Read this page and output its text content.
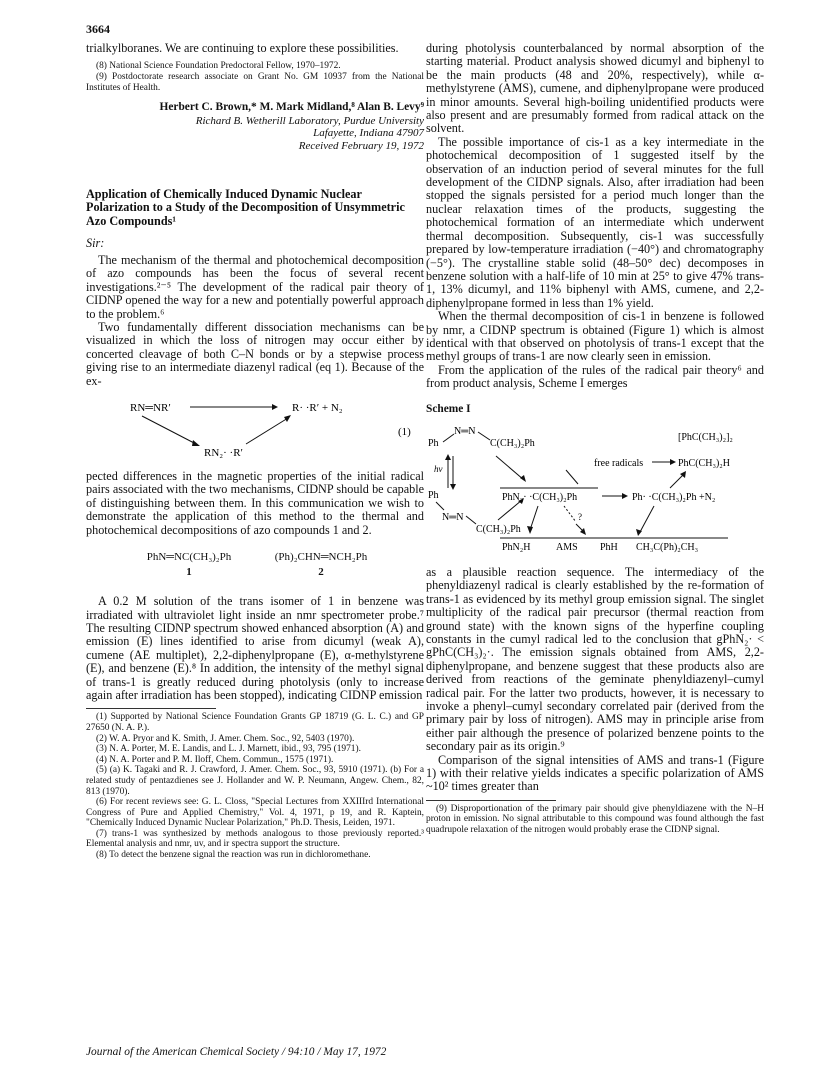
3664

trialkylboranes. We are continuing to explore these possibilities.

(8) National Science Foundation Predoctoral Fellow, 1970–1972.

(9) Postdoctorate research associate on Grant No. GM 10937 from the National Institutes of Health.

Herbert C. Brown,* M. Mark Midland,⁸ Alan B. Levy⁹
Richard B. Wetherill Laboratory, Purdue University
Lafayette, Indiana 47907
Received February 19, 1972
Application of Chemically Induced Dynamic Nuclear Polarization to a Study of the Decomposition of Unsymmetric Azo Compounds¹
Sir:

The mechanism of the thermal and photochemical decomposition of azo compounds has been the focus of several recent investigations.²⁻⁵ The development of the radical pair theory of CIDNP opened the way for a new and potentially powerful approach to the problem.⁶

Two fundamentally different dissociation mechanisms can be visualized in which the loss of nitrogen may occur either by concerted cleavage of both C–N bonds or by a stepwise process giving rise to an intermediate diazenyl radical (eq 1). Because of the ex-

RN═NR′	R· ·R′ + N₂
RN₂· ·R′
(1)

pected differences in the magnetic properties of the initial radical pairs associated with the two mechanisms, CIDNP should be capable of distinguishing between them. In this communication we wish to demonstrate the application of this method to the thermal and photochemical decompositions of azo compounds 1 and 2.

PhN═NC(CH₃)₂Ph
1
(Ph)₂CHN═NCH₂Ph
2

A 0.2 M solution of the trans isomer of 1 in benzene was irradiated with ultraviolet light inside an nmr spectrometer probe.⁷ The resulting CIDNP spectrum showed enhanced absorption (A) and emission (E) lines identified to arise from dicumyl (weak A), cumene (AE multiplet), 2,2-diphenylpropane (E), α-methylstyrene (E), and benzene (E).⁸ In addition, the intensity of the methyl signal of trans-1 is greatly reduced during photolysis (only to increase again after irradiation has been stopped), indicating CIDNP emission

(1) Supported by National Science Foundation Grants GP 18719 (G. L. C.) and GP 27650 (N. A. P.).

(2) W. A. Pryor and K. Smith, J. Amer. Chem. Soc., 92, 5403 (1970).

(3) N. A. Porter, M. E. Landis, and L. J. Marnett, ibid., 93, 795 (1971).

(4) N. A. Porter and P. M. Iloff, Chem. Commun., 1575 (1971).

(5) (a) K. Tagaki and R. J. Crawford, J. Amer. Chem. Soc., 93, 5910 (1971). (b) For a related study of pentazdienes see J. Hollander and W. P. Neumann, Angew. Chem., 82, 813 (1970).

(6) For recent reviews see: G. L. Closs, "Special Lectures from XXIIIrd International Congress of Pure and Applied Chemistry," Vol. 4, 1971, p 19, and R. Kaptein, "Chemically Induced Dynamic Nuclear Polarization," Ph.D. Thesis, Leiden, 1971.

(7) trans-1 was synthesized by methods analogous to those previously reported.³ Elemental analysis and nmr, uv, and ir spectra support the structure.

(8) To detect the benzene signal the reaction was run in dichloromethane.

during photolysis counterbalanced by normal absorption of the starting material. Product analysis showed dicumyl and biphenyl to be the main products (48 and 20%, respectively), while α-methylstyrene (AMS), cumene, and diphenylpropane were produced in minor amounts. Several high-boiling unidentified products were also present and are presumably formed from radical attack on the solvent.

The possible importance of cis-1 as a key intermediate in the photochemical decomposition of 1 suggested itself by the observation of an induction period of several minutes for the full development of the CIDNP signals. Also, after irradiation had been stopped the signals persisted for a period much longer than the nuclear relaxation times of the products, suggesting the photochemical formation of an intermediate which underwent thermal decomposition. Subsequently, cis-1 was successfully prepared by low-temperature irradiation (−40°) and chromatography (−5°). The crystalline stable solid (48–50° dec) decomposes in benzene solution with a half-life of 10 min at 25° to give 47% trans-1, 13% dicumyl, and 11% biphenyl with AMS, cumene, and 2,2-diphenylpropane formed in less than 1% yield.

When the thermal decomposition of cis-1 in benzene is followed by nmr, a CIDNP spectrum is obtained (Figure 1) which is almost identical with that observed on photolysis of trans-1 except that the methyl groups of trans-1 are now clearly seen in emission.

From the application of the rules of the radical pair theory⁶ and from product analysis, Scheme I emerges

Scheme I
Ph
N═N
C(CH₃)₂Ph
hν
Ph
N═N
C(CH₃)₂Ph
PhN₂· ·C(CH₃)₂Ph	Ph· ·C(CH₃)₂Ph +N₂
free radicals
[PhC(CH₃)₂]₂
PhC(CH₃)₂H
?
PhN₂H	AMS PhH CH₃C(Ph)₂CH₃

as a plausible reaction sequence. The intermediacy of the phenyldiazenyl radical is clearly established by the re-formation of trans-1 as evidenced by its methyl group emission signal. The singlet multiplicity of the radical pair precursor (thermal reaction from ground state) with the known signs of the hyperfine coupling constants in the cumyl radical led to the conclusion that gPhN₂· < gPhC(CH₃)₂·. The emission signals obtained from AMS, 2,2-diphenylpropane, and benzene suggest that these products also are derived from reactions of the geminate phenyldiazenyl–cumyl radical pair. For the latter two products, however, it is necessary to invoke a phenyl–cumyl secondary correlated pair (derived from the primary pair by loss of nitrogen). AMS may in principle arise from either pair although the presence of polarized benzene points to the secondary pair as its origin.⁹

Comparison of the signal intensities of AMS and trans-1 (Figure 1) with their relative yields indicates a specific polarization of AMS ~10² times greater than

(9) Disproportionation of the primary pair should give phenyldiazene with the N–H proton in emission. No signal attributable to this compound was found although the fast quadrupole relaxation of the nitrogen would probably erase the CIDNP signal.

Journal of the American Chemical Society / 94:10 / May 17, 1972
